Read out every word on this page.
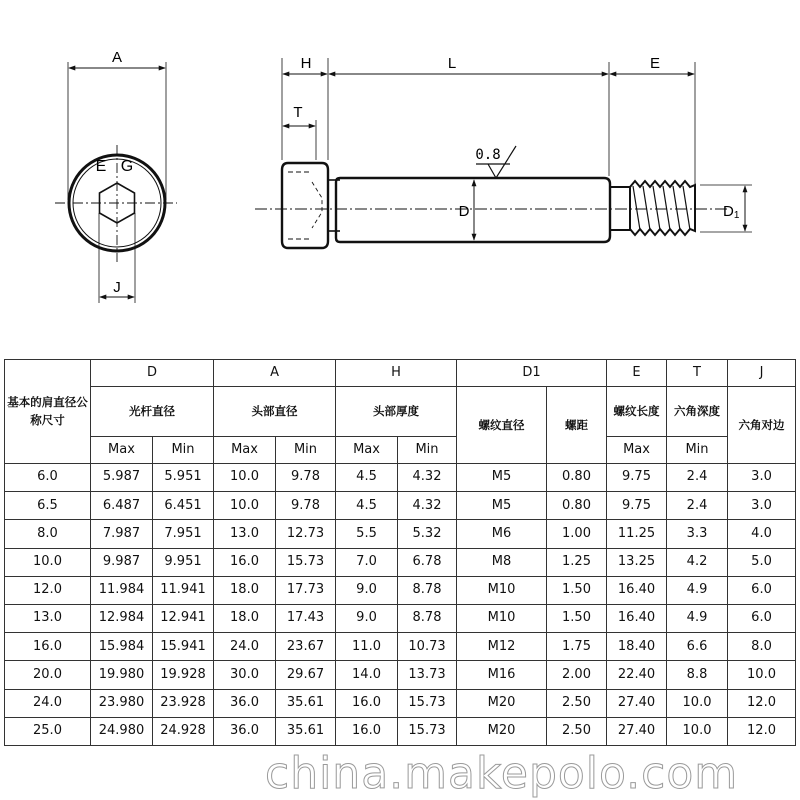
A
E G
J
H	L	E
T
D	D1
0.8
基本的肩直径公称尺寸	D		A		H		D1		E	T	J
	光杆直径		头部直径		头部厚度		螺纹直径	螺距	螺纹长度	六角深度	六角对边
	Max	Min	Max	Min	Max	Min			Max	Min	
6.0	5.987	5.951	10.0	9.78	4.5	4.32	M5	0.80	9.75	2.4	3.0
6.5	6.487	6.451	10.0	9.78	4.5	4.32	M5	0.80	9.75	2.4	3.0
8.0	7.987	7.951	13.0	12.73	5.5	5.32	M6	1.00	11.25	3.3	4.0
10.0	9.987	9.951	16.0	15.73	7.0	6.78	M8	1.25	13.25	4.2	5.0
12.0	11.984	11.941	18.0	17.73	9.0	8.78	M10	1.50	16.40	4.9	6.0
13.0	12.984	12.941	18.0	17.43	9.0	8.78	M10	1.50	16.40	4.9	6.0
16.0	15.984	15.941	24.0	23.67	11.0	10.73	M12	1.75	18.40	6.6	8.0
20.0	19.980	19.928	30.0	29.67	14.0	13.73	M16	2.00	22.40	8.8	10.0
24.0	23.980	23.928	36.0	35.61	16.0	15.73	M20	2.50	27.40	10.0	12.0
25.0	24.980	24.928	36.0	35.61	16.0	15.73	M20	2.50	27.40	10.0	12.0
china.makepolo.com
